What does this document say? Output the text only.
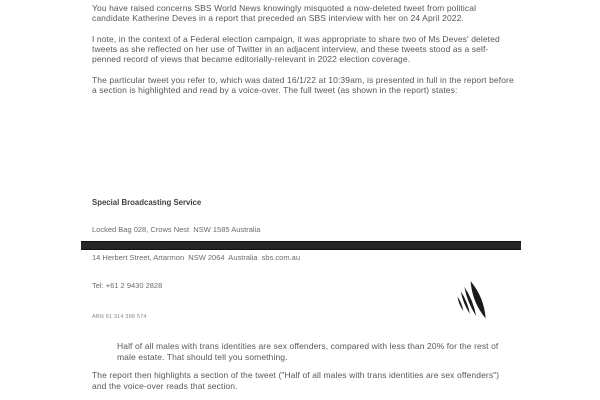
You have raised concerns SBS World News knowingly misquoted a now-deleted tweet from political candidate Katherine Deves in a report that preceded an SBS interview with her on 24 April 2022.

I note, in the context of a Federal election campaign, it was appropriate to share two of Ms Deves' deleted tweets as she reflected on her use of Twitter in an adjacent interview, and these tweets stood as a self-penned record of views that became editorially-relevant in 2022 election coverage.

The particular tweet you refer to, which was dated 16/1/22 at 10:39am, is presented in full in the report before a section is highlighted and read by a voice-over. The full tweet (as shown in the report) states:

Special Broadcasting Service

Locked Bag 028, Crows Nest  NSW 1585 Australia

14 Herbert Street, Artarmon  NSW 2064  Australia  sbs.com.au

Tel: +61 2 9430 2828

ABN 91 314 398 574

Half of all males with trans identities are sex offenders, compared with less than 20% for the rest of male estate. That should tell you something.
The report then highlights a section of the tweet ("Half of all males with trans identities are sex offenders") and the voice-over reads that section.
